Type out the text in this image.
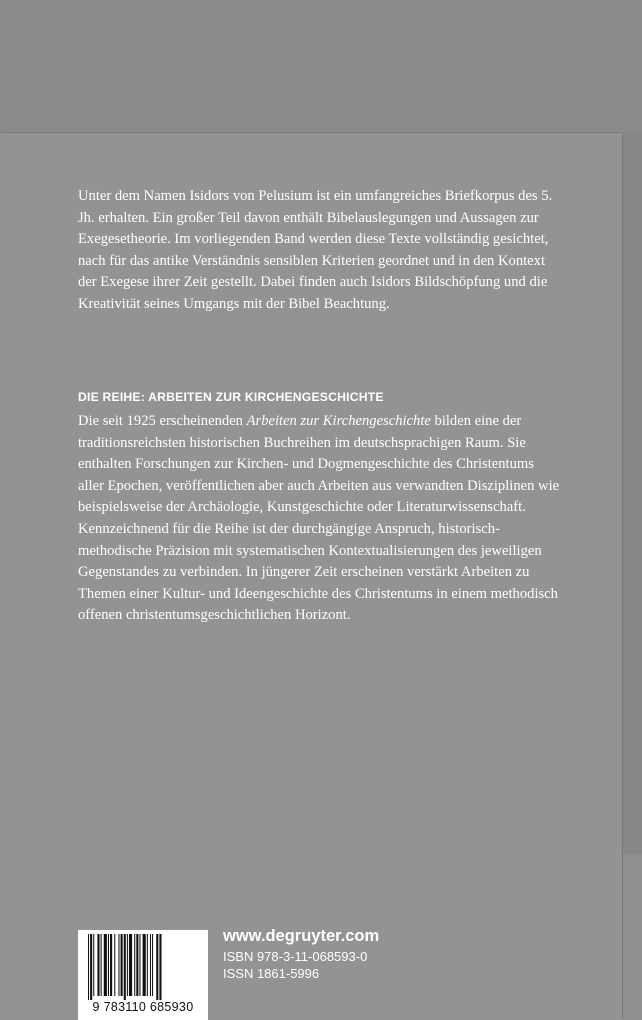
Unter dem Namen Isidors von Pelusium ist ein umfangreiches Briefkorpus des 5. Jh. erhalten. Ein großer Teil davon enthält Bibelauslegungen und Aussagen zur Exegesetheorie. Im vorliegenden Band werden diese Texte vollständig gesichtet, nach für das antike Verständnis sensiblen Kriterien geordnet und in den Kontext der Exegese ihrer Zeit gestellt. Dabei finden auch Isidors Bildschöpfung und die Kreativität seines Umgangs mit der Bibel Beachtung.

DIE REIHE: ARBEITEN ZUR KIRCHENGESCHICHTE

Die seit 1925 erscheinenden Arbeiten zur Kirchengeschichte bilden eine der traditionsreichsten historischen Buchreihen im deutschsprachigen Raum. Sie enthalten Forschungen zur Kirchen- und Dogmengeschichte des Christentums aller Epochen, veröffentlichen aber auch Arbeiten aus verwandten Disziplinen wie beispielsweise der Archäologie, Kunstgeschichte oder Literaturwissenschaft. Kennzeichnend für die Reihe ist der durchgängige Anspruch, historisch-methodische Präzision mit systematischen Kontextualisierungen des jeweiligen Gegenstandes zu verbinden. In jüngerer Zeit erscheinen verstärkt Arbeiten zu Themen einer Kultur- und Ideengeschichte des Christentums in einem methodisch offenen christentumsgeschichtlichen Horizont.

9 783110 685930
www.degruyter.com
ISBN 978-3-11-068593-0
ISSN 1861-5996
